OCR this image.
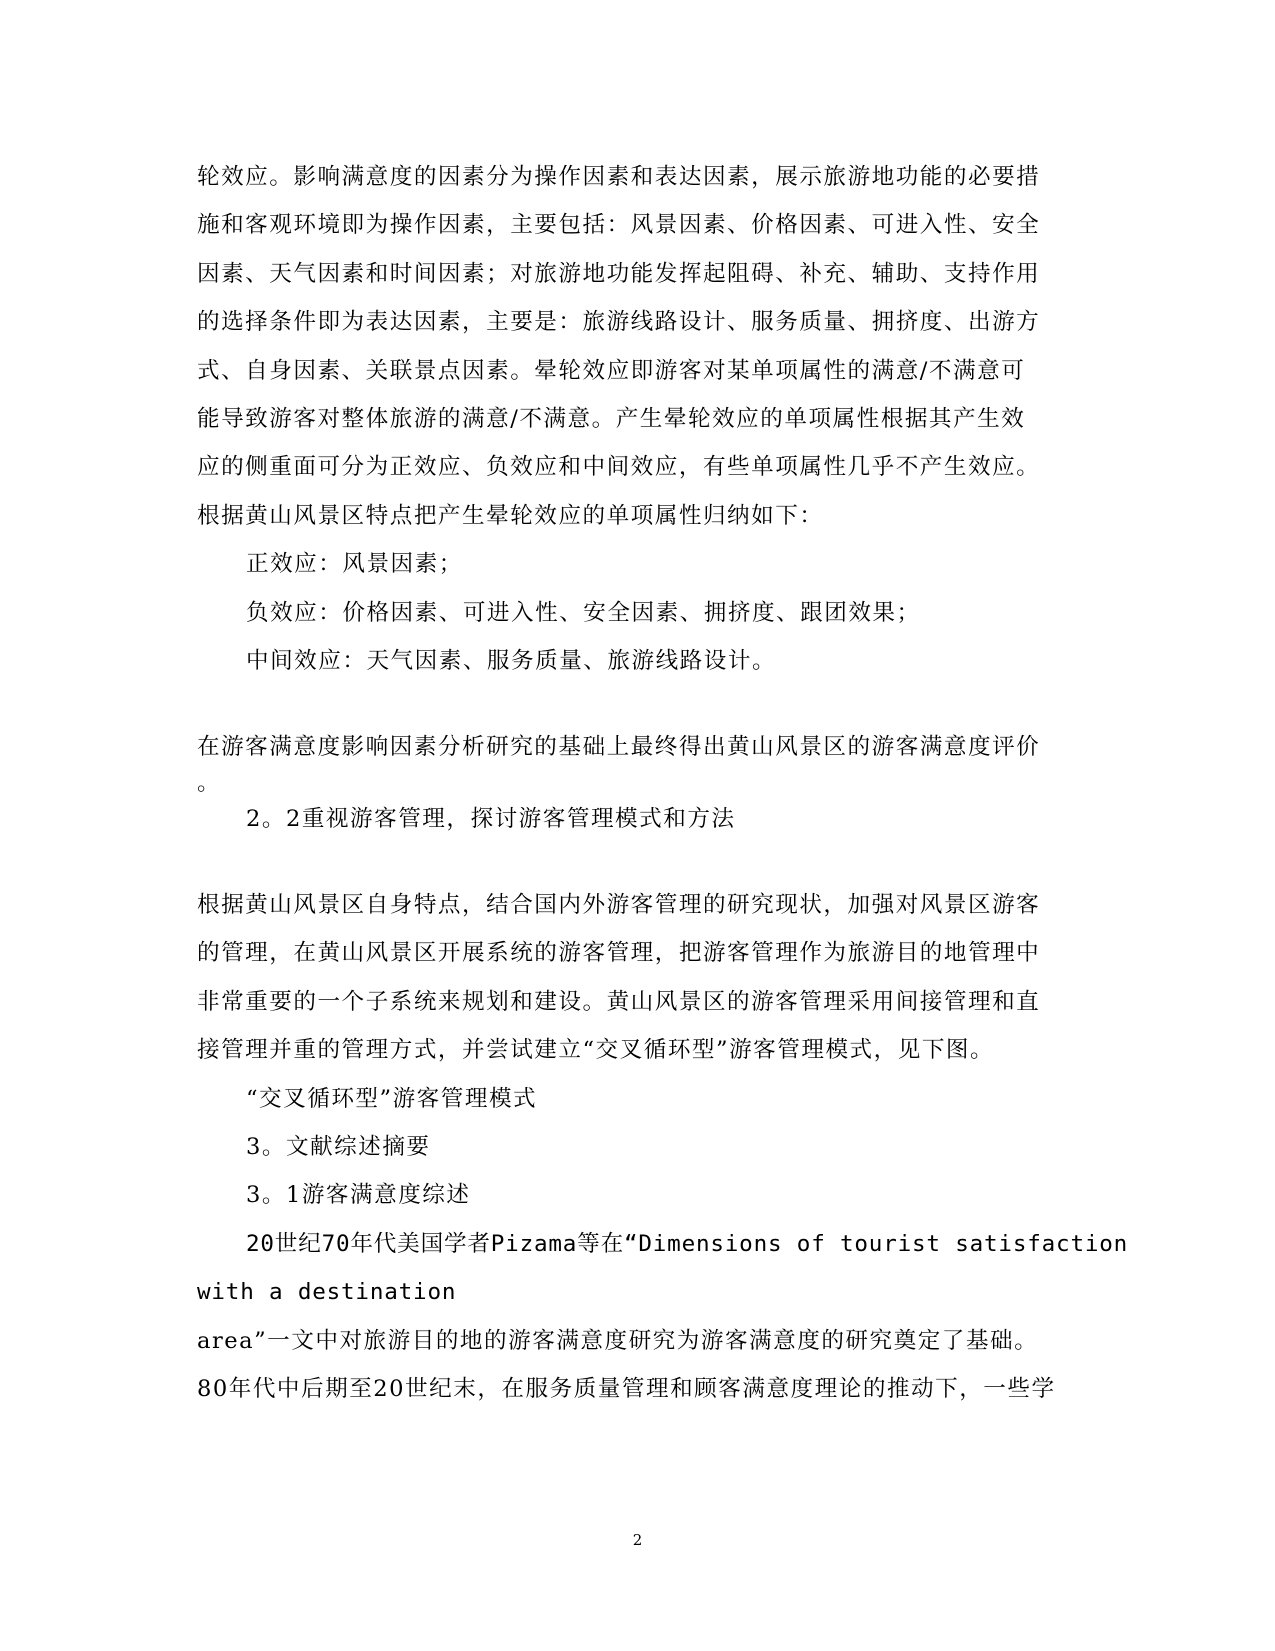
轮效应。影响满意度的因素分为操作因素和表达因素，展示旅游地功能的必要措
施和客观环境即为操作因素，主要包括：风景因素、价格因素、可进入性、安全
因素、天气因素和时间因素；对旅游地功能发挥起阻碍、补充、辅助、支持作用
的选择条件即为表达因素，主要是：旅游线路设计、服务质量、拥挤度、出游方
式、自身因素、关联景点因素。晕轮效应即游客对某单项属性的满意/不满意可
能导致游客对整体旅游的满意/不满意。产生晕轮效应的单项属性根据其产生效
应的侧重面可分为正效应、负效应和中间效应，有些单项属性几乎不产生效应。
根据黄山风景区特点把产生晕轮效应的单项属性归纳如下：
正效应：风景因素；
负效应：价格因素、可进入性、安全因素、拥挤度、跟团效果；
中间效应：天气因素、服务质量、旅游线路设计。
在游客满意度影响因素分析研究的基础上最终得出黄山风景区的游客满意度评价
。
2。2重视游客管理，探讨游客管理模式和方法
根据黄山风景区自身特点，结合国内外游客管理的研究现状，加强对风景区游客
的管理，在黄山风景区开展系统的游客管理，把游客管理作为旅游目的地管理中
非常重要的一个子系统来规划和建设。黄山风景区的游客管理采用间接管理和直
接管理并重的管理方式，并尝试建立“交叉循环型”游客管理模式，见下图。
“交叉循环型”游客管理模式
3。文献综述摘要
3。1游客满意度综述
20世纪70年代美国学者Pizama等在“Dimensions of tourist satisfaction
with a destination
area”一文中对旅游目的地的游客满意度研究为游客满意度的研究奠定了基础。
80年代中后期至20世纪末，在服务质量管理和顾客满意度理论的推动下，一些学
2
